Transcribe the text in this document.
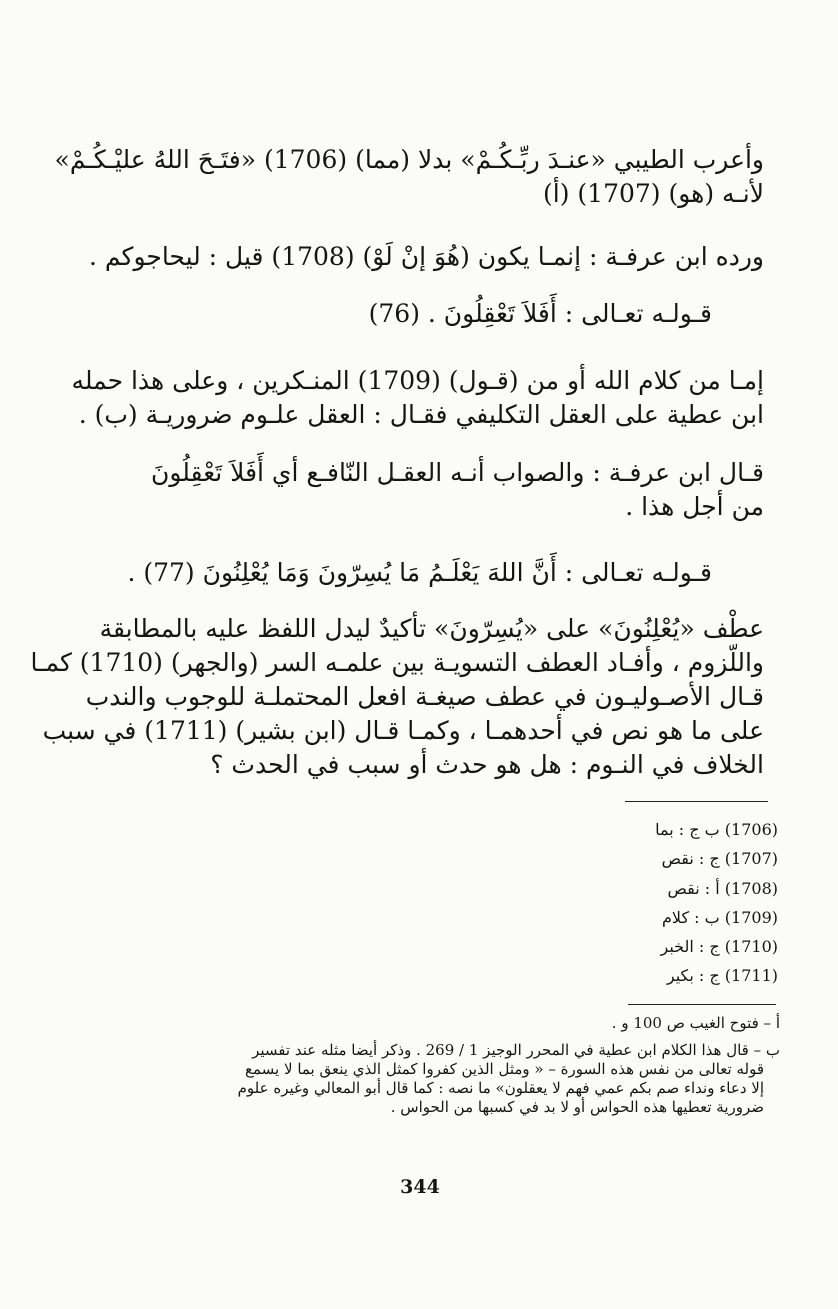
وأعرب الطيبي «عنـدَ ربِّـكُـمْ» بدلا (مما) (1706) «فتَـحَ اللهُ عليْـكُـمْ»
لأنـه (هو) (1707) (أ)
ورده ابن عرفـة : إنمـا يكون (هُوَ إنْ لَوْ) (1708) قيل : ليحاجوكم .
قـولـه تعـالى : أَفَلاَ تَعْقِلُونَ . (76)
إمـا من كلام الله أو من (قـول) (1709) المنـكرين ، وعلى هذا حمله
ابن عطية على العقل التكليفي فقـال : العقل علـوم ضروريـة (ب) .
قـال ابن عرفـة : والصواب أنـه العقـل النّافـع أي أَفَلاَ تَعْقِلُونَ
من أجل هذا .
قـولـه تعـالى : أَنَّ اللهَ يَعْلَـمُ مَا يُسِرّونَ وَمَا يُعْلِنُونَ (77) .
عطْف «يُعْلِنُونَ» على «يُسِرّونَ» تأكيدٌ ليدل اللفظ عليه بالمطابقة
واللّزوم ، وأفـاد العطف التسويـة بين علمـه السر (والجهر) (1710) كمـا
قـال الأصـوليـون في عطف صيغـة افعل المحتملـة للوجوب والندب
على ما هو نص في أحدهمـا ، وكمـا قـال (ابن بشير) (1711) في سبب
الخلاف في النـوم : هل هو حدث أو سبب في الحدث ؟
(1706) ب ج : بما
(1707) ج : نقص
(1708) أ : نقص
(1709) ب : كلام
(1710) ج : الخبر
(1711) ج : بكير
أ – فتوح الغيب ص 100 و .
ب – قال هذا الكلام ابن عطية في المحرر الوجيز 1 / 269 . وذكر أيضا مثله عند تفسير
قوله تعالى من نفس هذه السورة – « ومثل الذين كفروا كمثل الذي ينعق بما لا يسمع
إلا دعاء ونداء صم بكم عمي فهم لا يعقلون» ما نصه : كما قال أبو المعالي وغيره علوم
ضرورية تعطيها هذه الحواس أو لا بد في كسبها من الحواس .
344
